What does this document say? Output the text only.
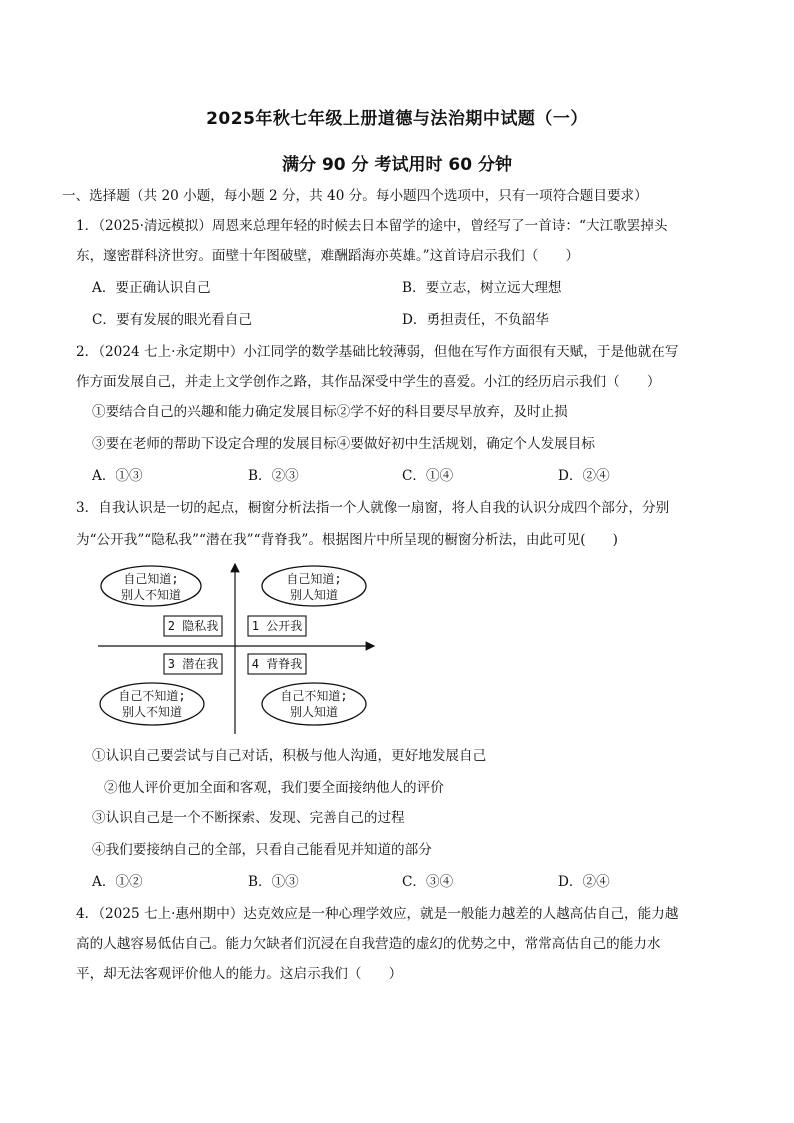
2025年秋七年级上册道德与法治期中试题（一）
满分 90 分 考试用时 60 分钟
一、选择题（共 20 小题，每小题 2 分，共 40 分。每小题四个选项中，只有一项符合题目要求）
1．（2025·清远模拟）周恩来总理年轻的时候去日本留学的途中，曾经写了一首诗：“大江歌罢掉头
东，邃密群科济世穷。面壁十年图破壁，难酬蹈海亦英雄。”这首诗启示我们（　　）
A．要正确认识自己	B．要立志，树立远大理想
C．要有发展的眼光看自己	D．勇担责任，不负韶华
2．（2024 七上·永定期中）小江同学的数学基础比较薄弱，但他在写作方面很有天赋，于是他就在写
作方面发展自己，并走上文学创作之路，其作品深受中学生的喜爱。小江的经历启示我们（　　）
①要结合自己的兴趣和能力确定发展目标②学不好的科目要尽早放弃，及时止损
③要在老师的帮助下设定合理的发展目标④要做好初中生活规划，确定个人发展目标
A．①③	B．②③	C．①④	D．②④
3．自我认识是一切的起点，橱窗分析法指一个人就像一扇窗，将人自我的认识分成四个部分，分别
为“公开我”“隐私我”“潜在我”“背脊我”。根据图片中所呈现的橱窗分析法，由此可见(　　)
自己知道;
别人不知道
自己知道;
别人知道
自己不知道;
别人不知道
自己不知道;
别人知道
2 隐私我	1 公开我
3 潜在我	4 背脊我
①认识自己要尝试与自己对话，积极与他人沟通，更好地发展自己
②他人评价更加全面和客观，我们要全面接纳他人的评价
③认识自己是一个不断探索、发现、完善自己的过程
④我们要接纳自己的全部，只看自己能看见并知道的部分
A．①②	B．①③	C．③④	D．②④
4．（2025 七上·惠州期中）达克效应是一种心理学效应，就是一般能力越差的人越高估自己，能力越
高的人越容易低估自己。能力欠缺者们沉浸在自我营造的虚幻的优势之中，常常高估自己的能力水
平，却无法客观评价他人的能力。这启示我们（　　）
